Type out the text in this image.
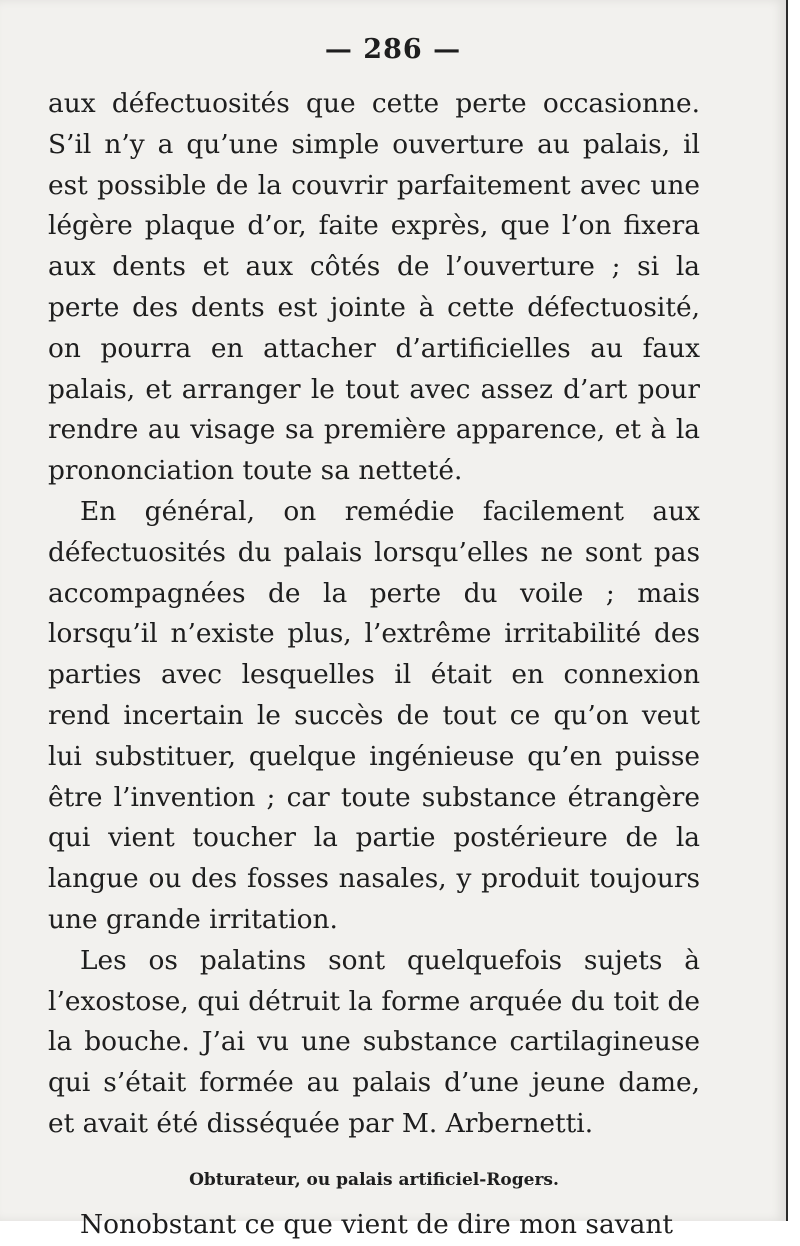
— 286 —

aux défectuosités que cette perte occasionne. S’il n’y a qu’une simple ouverture au palais, il est possible de la couvrir parfaitement avec une légère plaque d’or, faite exprès, que l’on fixera aux dents et aux côtés de l’ouverture ; si la perte des dents est jointe à cette défectuosité, on pourra en attacher d’artificielles au faux palais, et arranger le tout avec assez d’art pour rendre au visage sa première apparence, et à la prononciation toute sa netteté.

En général, on remédie facilement aux défectuosités du palais lorsqu’elles ne sont pas accompagnées de la perte du voile ; mais lorsqu’il n’existe plus, l’extrême irritabilité des parties avec lesquelles il était en connexion rend incertain le succès de tout ce qu’on veut lui substituer, quelque ingénieuse qu’en puisse être l’invention ; car toute substance étrangère qui vient toucher la partie postérieure de la langue ou des fosses nasales, y produit toujours une grande irritation.

Les os palatins sont quelquefois sujets à l’exostose, qui détruit la forme arquée du toit de la bouche. J’ai vu une substance cartilagineuse qui s’était formée au palais d’une jeune dame, et avait été disséquée par M. Arbernetti.

Obturateur, ou palais artificiel-Rogers.

Nonobstant ce que vient de dire mon savant
